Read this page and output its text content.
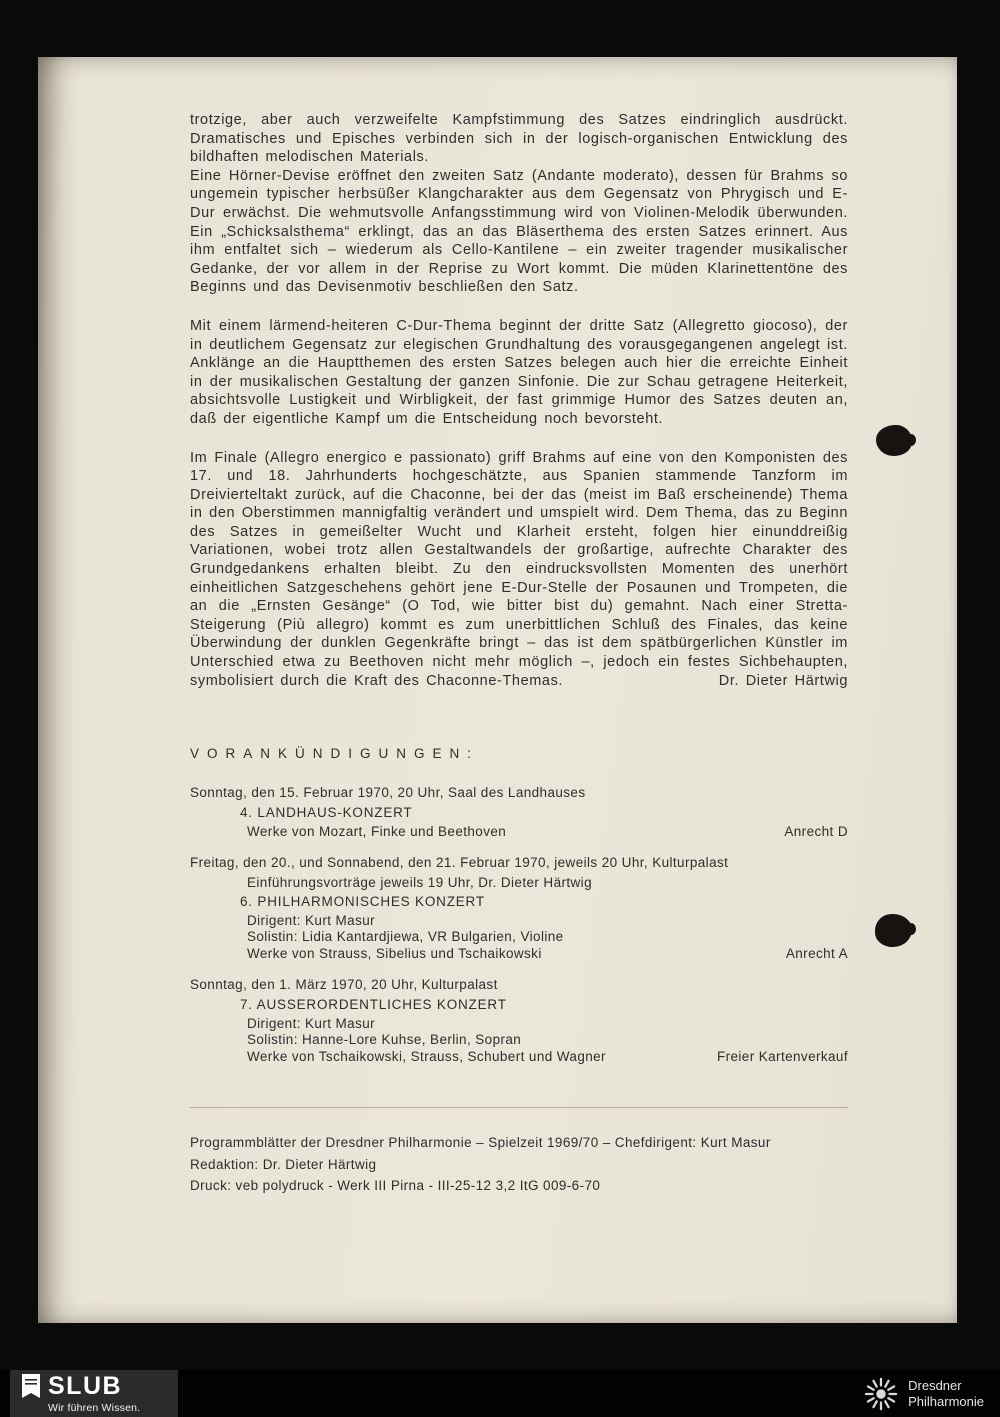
trotzige, aber auch verzweifelte Kampfstimmung des Satzes eindringlich ausdrückt. Dramatisches und Episches verbinden sich in der logisch-organischen Entwicklung des bildhaften melodischen Materials.

Eine Hörner-Devise eröffnet den zweiten Satz (Andante moderato), dessen für Brahms so ungemein typischer herbsüßer Klangcharakter aus dem Gegensatz von Phrygisch und E-Dur erwächst. Die wehmutsvolle Anfangsstimmung wird von Violinen-Melodik überwunden. Ein „Schicksalsthema“ erklingt, das an das Bläserthema des ersten Satzes erinnert. Aus ihm entfaltet sich – wiederum als Cello-Kantilene – ein zweiter tragender musikalischer Gedanke, der vor allem in der Reprise zu Wort kommt. Die müden Klarinettentöne des Beginns und das Devisenmotiv beschließen den Satz.

Mit einem lärmend-heiteren C-Dur-Thema beginnt der dritte Satz (Allegretto giocoso), der in deutlichem Gegensatz zur elegischen Grundhaltung des vorausgegangenen angelegt ist. Anklänge an die Hauptthemen des ersten Satzes belegen auch hier die erreichte Einheit in der musikalischen Gestaltung der ganzen Sinfonie. Die zur Schau getragene Heiterkeit, absichtsvolle Lustigkeit und Wirbligkeit, der fast grimmige Humor des Satzes deuten an, daß der eigentliche Kampf um die Entscheidung noch bevorsteht.

Im Finale (Allegro energico e passionato) griff Brahms auf eine von den Komponisten des 17. und 18. Jahrhunderts hochgeschätzte, aus Spanien stammende Tanzform im Dreivierteltakt zurück, auf die Chaconne, bei der das (meist im Baß erscheinende) Thema in den Oberstimmen mannigfaltig verändert und umspielt wird. Dem Thema, das zu Beginn des Satzes in gemeißelter Wucht und Klarheit ersteht, folgen hier einunddreißig Variationen, wobei trotz allen Gestaltwandels der großartige, aufrechte Charakter des Grundgedankens erhalten bleibt. Zu den eindrucksvollsten Momenten des unerhört einheitlichen Satzgeschehens gehört jene E-Dur-Stelle der Posaunen und Trompeten, die an die „Ernsten Gesänge“ (O Tod, wie bitter bist du) gemahnt. Nach einer Stretta-Steigerung (Più allegro) kommt es zum unerbittlichen Schluß des Finales, das keine Überwindung der dunklen Gegenkräfte bringt – das ist dem spätbürgerlichen Künstler im Unterschied etwa zu Beethoven nicht mehr möglich –, jedoch ein festes Sichbehaupten, symbolisiert durch die Kraft des Chaconne-Themas.	Dr. Dieter Härtwig

VORANKÜNDIGUNGEN:
Sonntag, den 15. Februar 1970, 20 Uhr, Saal des Landhauses
4. LANDHAUS-KONZERT
Werke von Mozart, Finke und Beethoven	Anrecht D
Freitag, den 20., und Sonnabend, den 21. Februar 1970, jeweils 20 Uhr, Kulturpalast
Einführungsvorträge jeweils 19 Uhr, Dr. Dieter Härtwig
6. PHILHARMONISCHES KONZERT
Dirigent: Kurt Masur
Solistin: Lidia Kantardjiewa, VR Bulgarien, Violine
Werke von Strauss, Sibelius und Tschaikowski	Anrecht A
Sonntag, den 1. März 1970, 20 Uhr, Kulturpalast
7. AUSSERORDENTLICHES KONZERT
Dirigent: Kurt Masur
Solistin: Hanne-Lore Kuhse, Berlin, Sopran
Werke von Tschaikowski, Strauss, Schubert und Wagner	Freier Kartenverkauf
Programmblätter der Dresdner Philharmonie – Spielzeit 1969/70 – Chefdirigent: Kurt Masur
Redaktion: Dr. Dieter Härtwig
Druck: veb polydruck - Werk III Pirna - III-25-12 3,2 ItG 009-6-70
SLUB
Wir führen Wissen.
Dresdner
Philharmonie
